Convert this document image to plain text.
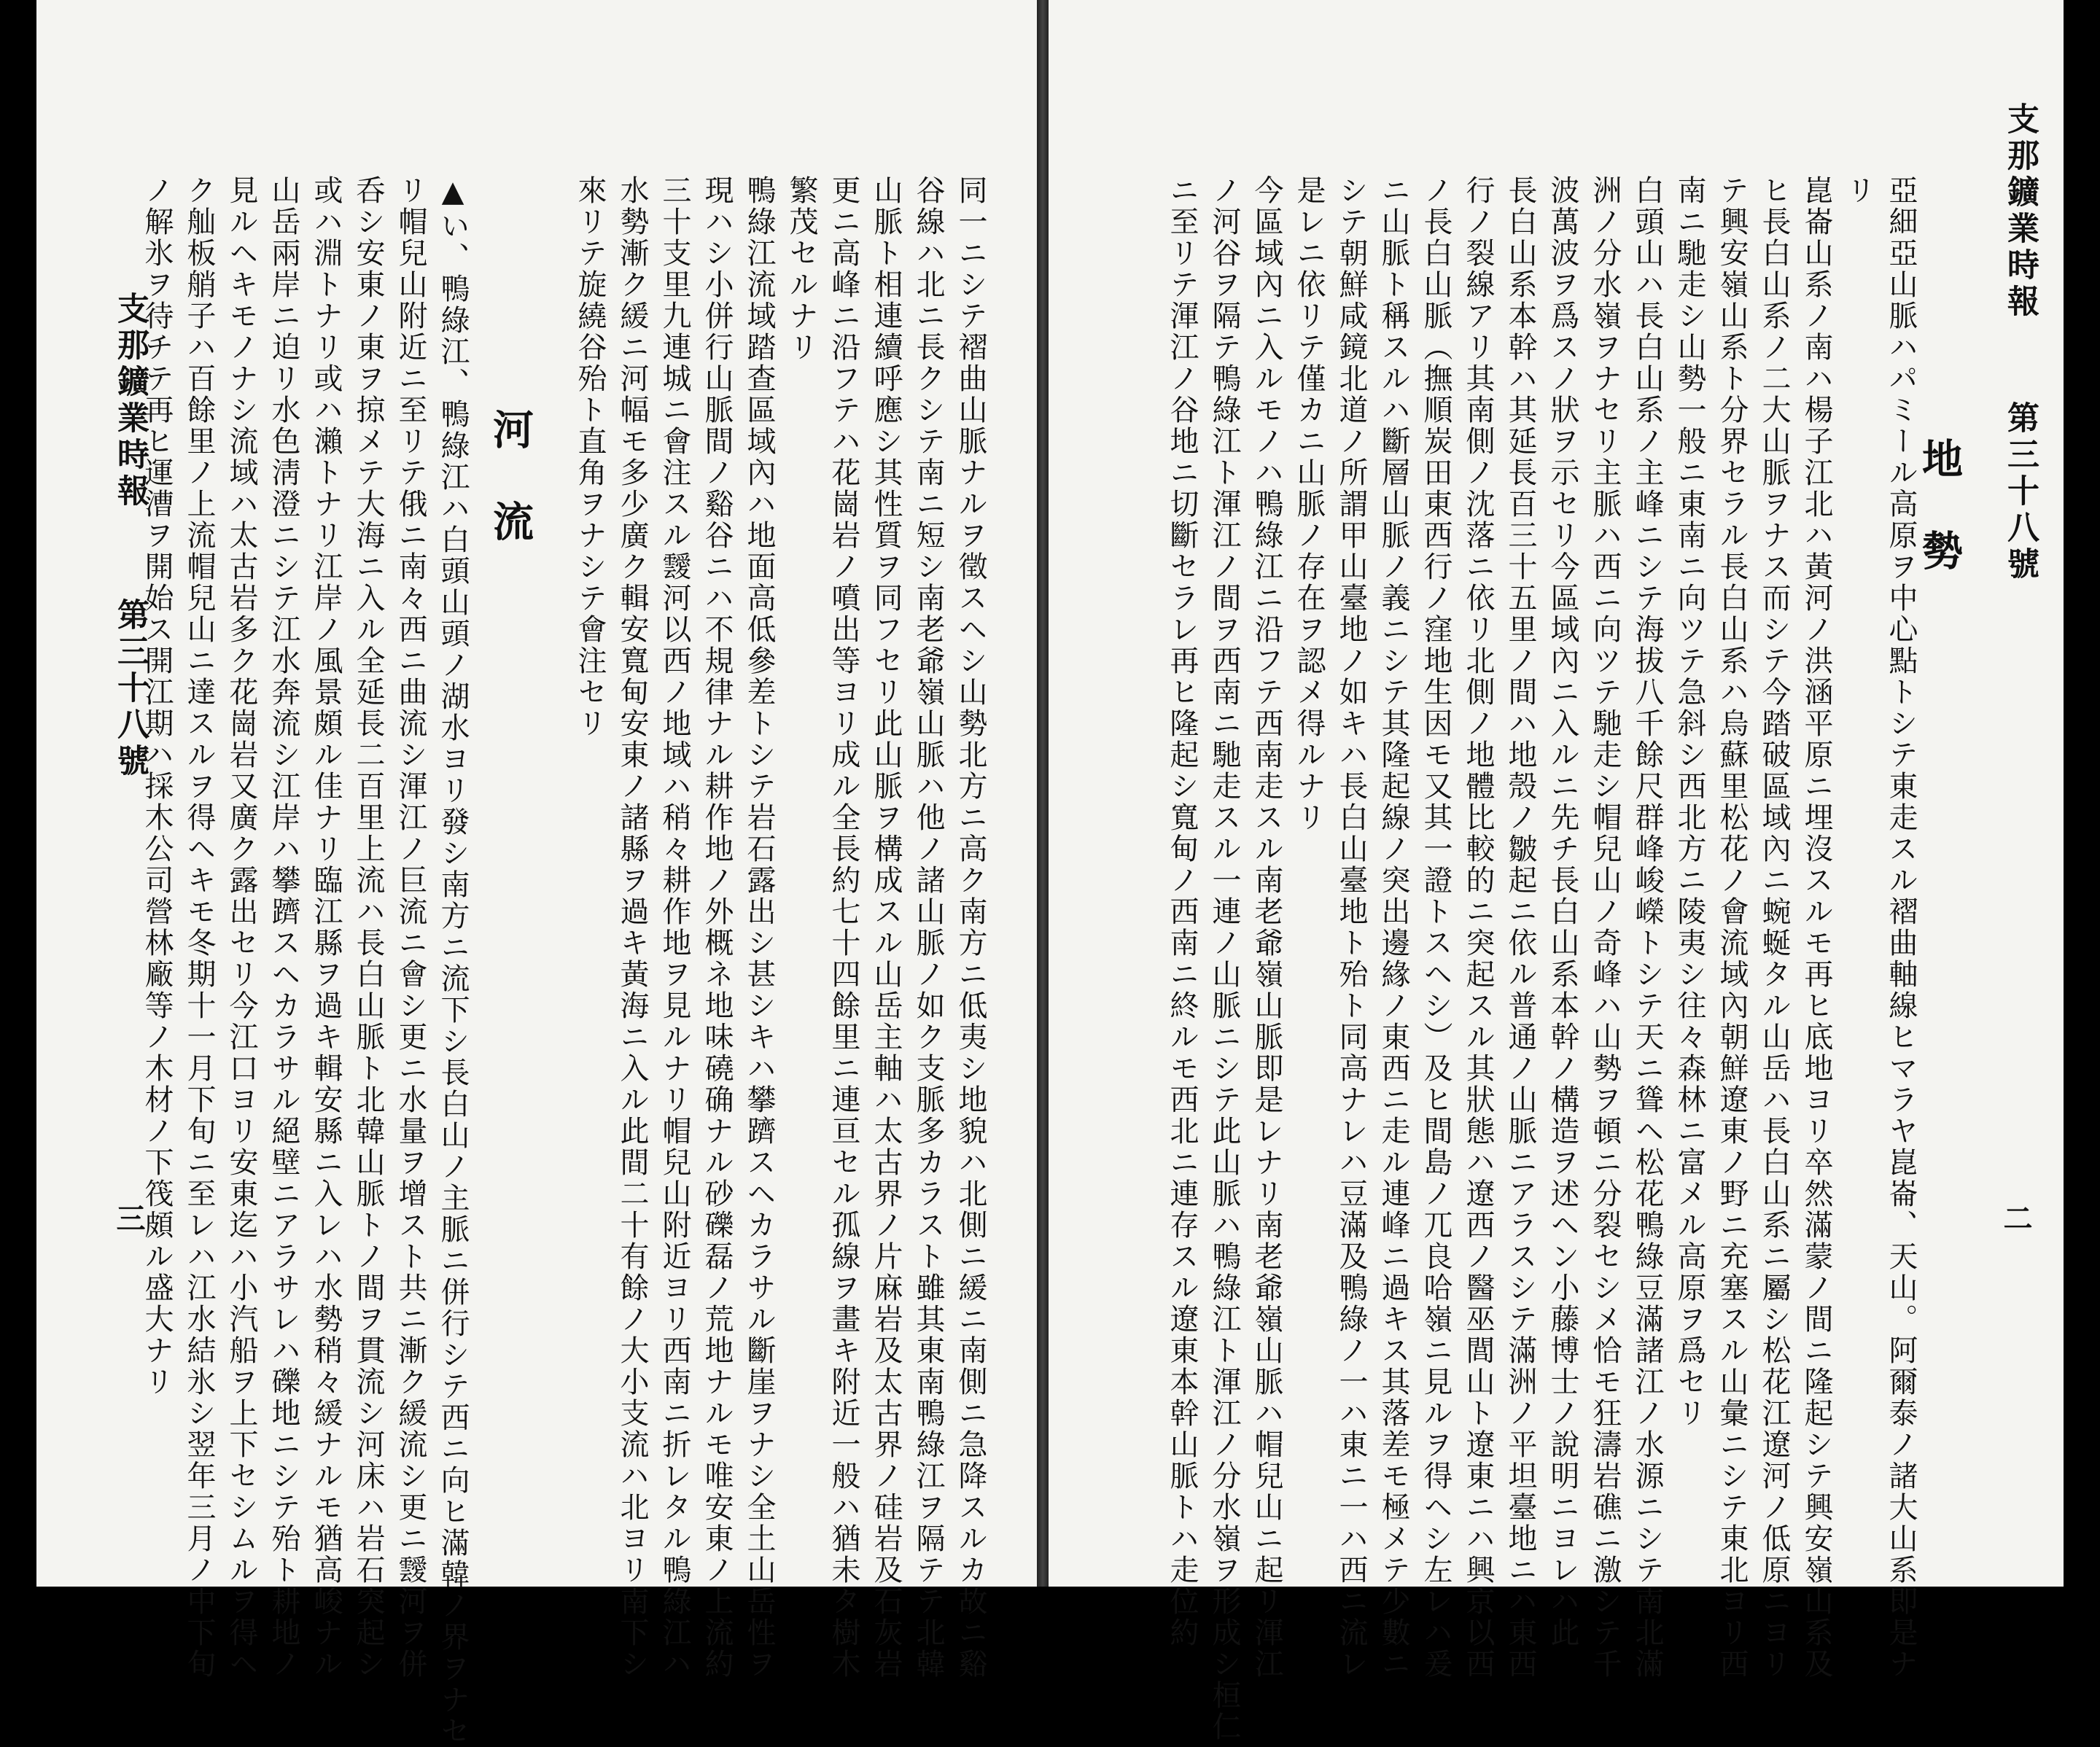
支那鑛業時報第三十八號
二
地勢
亞細亞山脈ハパミール高原ヲ中心點トシテ東走スル褶曲軸線ヒマラヤ崑崙、天山。阿爾泰ノ諸大山系即是ナ
リ
崑崙山系ノ南ハ楊子江北ハ黃河ノ洪涵平原ニ埋沒スルモ再ヒ底地ヨリ卒然滿蒙ノ間ニ隆起シテ興安嶺山系及
ヒ長白山系ノ二大山脈ヲナス而シテ今踏破區域內ニ蜿蜒タル山岳ハ長白山系ニ屬シ松花江遼河ノ低原ニヨリ
テ興安嶺山系ト分界セラル長白山系ハ烏蘇里松花ノ會流域內朝鮮遼東ノ野ニ充塞スル山彙ニシテ東北ヨリ西
南ニ馳走シ山勢一般ニ東南ニ向ツテ急斜シ西北方ニ陵夷シ往々森林ニ富メル高原ヲ爲セリ
白頭山ハ長白山系ノ主峰ニシテ海拔八千餘尺群峰峻嶸トシテ天ニ聳ヘ松花鴨綠豆滿諸江ノ水源ニシテ南北滿
洲ノ分水嶺ヲナセリ主脈ハ西ニ向ツテ馳走シ帽兒山ノ奇峰ハ山勢ヲ頓ニ分裂セシメ恰モ狂濤岩礁ニ激シテ千
波萬波ヲ爲スノ狀ヲ示セリ今區域內ニ入ルニ先チ長白山系本幹ノ構造ヲ述ヘン小藤博士ノ說明ニヨレハ此
長白山系本幹ハ其延長百三十五里ノ間ハ地殼ノ皺起ニ依ル普通ノ山脈ニアラスシテ滿洲ノ平坦臺地ニハ東西
行ノ裂線アリ其南側ノ沈落ニ依リ北側ノ地體比較的ニ突起スル其狀態ハ遼西ノ醫巫閭山ト遼東ニハ興京以西
ノ長白山脈（撫順炭田東西行ノ窪地生因モ又其一證トスヘシ）及ヒ間島ノ兀良哈嶺ニ見ルヲ得ヘシ左レハ爰
ニ山脈ト稱スルハ斷層山脈ノ義ニシテ其隆起線ノ突出邊緣ノ東西ニ走ル連峰ニ過キス其落差モ極メテ少數ニ
シテ朝鮮咸鏡北道ノ所謂甲山臺地ノ如キハ長白山臺地ト殆ト同高ナレハ豆滿及鴨綠ノ一ハ東ニ一ハ西ニ流レ
是レニ依リテ僅カニ山脈ノ存在ヲ認メ得ルナリ
今區域內ニ入ルモノハ鴨綠江ニ沿フテ西南走スル南老爺嶺山脈即是レナリ南老爺嶺山脈ハ帽兒山ニ起リ渾江
ノ河谷ヲ隔テ鴨綠江ト渾江ノ間ヲ西南ニ馳走スル一連ノ山脈ニシテ此山脈ハ鴨綠江ト渾江ノ分水嶺ヲ形成シ桓仁
ニ至リテ渾江ノ谷地ニ切斷セラレ再ヒ隆起シ寬甸ノ西南ニ終ルモ西北ニ連存スル遼東本幹山脈トハ走位約
支那鑛業時報第三十八號
三	同一ニシテ褶曲山脈ナルヲ徵スヘシ山勢北方ニ高ク南方ニ低夷シ地貌ハ北側ニ緩ニ南側ニ急降スルカ故ニ谿
谷線ハ北ニ長クシテ南ニ短シ南老爺嶺山脈ハ他ノ諸山脈ノ如ク支脈多カラスト雖其東南鴨綠江ヲ隔テテ北韓
山脈ト相連續呼應シ其性質ヲ同フセリ此山脈ヲ構成スル山岳主軸ハ太古界ノ片麻岩及太古界ノ硅岩及石灰岩
更ニ高峰ニ沿フテハ花崗岩ノ噴出等ヨリ成ル全長約七十四餘里ニ連亘セル孤線ヲ畫キ附近一般ハ猶未タ樹木
繁茂セルナリ
鴨綠江流域踏查區域內ハ地面高低參差トシテ岩石露出シ甚シキハ攀躋スヘカラサル斷崖ヲナシ全土山岳性ヲ
現ハシ小併行山脈間ノ谿谷ニハ不規律ナル耕作地ノ外概ネ地味磽确ナル砂礫磊ノ荒地ナルモ唯安東ノ上流約
三十支里九連城ニ會注スル靉河以西ノ地域ハ稍々耕作地ヲ見ルナリ帽兒山附近ヨリ西南ニ折レタル鴨綠江ハ
水勢漸ク緩ニ河幅モ多少廣ク輯安寬甸安東ノ諸縣ヲ過キ黃海ニ入ル此間二十有餘ノ大小支流ハ北ヨリ南下シ
來リテ旋繞谷殆ト直角ヲナシテ會注セリ
河流
▲い、鴨綠江、鴨綠江ハ白頭山頭ノ湖水ヨリ發シ南方ニ流下シ長白山ノ主脈ニ併行シテ西ニ向ヒ滿韓ノ界ヲナセ
リ帽兒山附近ニ至リテ俄ニ南々西ニ曲流シ渾江ノ巨流ニ會シ更ニ水量ヲ增スト共ニ漸ク緩流シ更ニ靉河ヲ併
呑シ安東ノ東ヲ掠メテ大海ニ入ル全延長二百里上流ハ長白山脈ト北韓山脈トノ間ヲ貫流シ河床ハ岩石突起シ
或ハ淵トナリ或ハ瀨トナリ江岸ノ風景頗ル佳ナリ臨江縣ヲ過キ輯安縣ニ入レハ水勢稍々緩ナルモ猶高峻ナル
山岳兩岸ニ迫リ水色淸澄ニシテ江水奔流シ江岸ハ攀躋スヘカラサル絕壁ニアラサレハ礫地ニシテ殆ト耕地ノ
見ルヘキモノナシ流域ハ太古岩多ク花崗岩又廣ク露出セリ今江口ヨリ安東迄ハ小汽船ヲ上下セシムルヲ得ヘ
ク舢板艄子ハ百餘里ノ上流帽兒山ニ達スルヲ得ヘキモ冬期十一月下旬ニ至レハ江水結氷シ翌年三月ノ中下旬
ノ解氷ヲ待チテ再ヒ運漕ヲ開始ス開江期ハ採木公司營林廠等ノ木材ノ下筏頗ル盛大ナリ
